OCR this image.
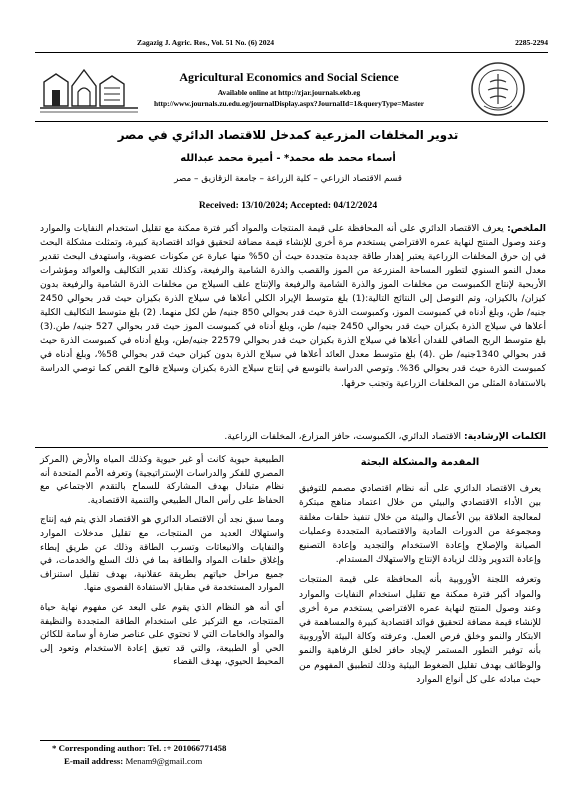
Zagazig J. Agric. Res., Vol. 51 No. (6) 2024	2285-2294
Agricultural Economics and Social Science
Available online at http://zjar.journals.ekb.eg
http://www.journals.zu.edu.eg/journalDisplay.aspx?JournalId=1&queryType=Master
تدوير المخلفات المزرعية كمدخل للاقتصاد الدائري في مصر
أسماء محمد طه محمد* - أميرة محمد عبدالله
قسم الاقتصاد الزراعي – كلية الزراعة – جامعة الزقازيق – مصر
Received: 13/10/2024; Accepted: 04/12/2024
الملخص: يعرف الاقتصاد الدائري على أنه المحافظة على قيمة المنتجات والمواد أكبر فترة ممكنة مع تقليل استخدام النفايات والموارد وعند وصول المنتج لنهاية عمره الافتراضي يستخدم مرة أخرى للإنشاء قيمة مضافة لتحقيق فوائد اقتصادية كبيرة، وتمثلت مشكلة البحث في إن حرق المخلفات الزراعية يعتبر إهدار طاقة جديدة متجددة حيث أن 50% منها عبارة عن مكونات عضوية، واستهدف البحث تقدير معدل النمو السنوي لتطور المساحة المنزرعة من الموز والقصب والذرة الشامية والرفيعة، وكذلك تقدير التكاليف والعوائد ومؤشرات الأربحية لإنتاج الكمبوست من مخلفات الموز والذرة الشامية والرفيعة والإنتاج علف السيلاج من مخلفات الذرة الشامية والرفيعة بدون كيزان/ بالكيزان، وتم التوصل إلى النتائج التالية:(1) بلغ متوسط الإيراد الكلي أعلاها في سيلاج الذرة بكيزان حيث قدر بحوالي 2450 جنيه/ طن، وبلغ أدناه في كمبوست الموز، وكمبوست الذرة حيث قدر بحوالي 850 جنيه/ طن لكل منهما. (2) بلغ متوسط التكاليف الكلية أعلاها في سيلاج الذرة بكيزان حيث قدر بحوالي 2450 جنيه/ طن، وبلغ أدناه في كمبوست الموز حيث قدر بحوالي 527 جنيه/ طن.(3) بلغ متوسط الربح الصافي للفدان أعلاها في سيلاج الذرة بكيزان حيث قدر بحوالي 22579 جنيه/طن، وبلغ أدناه في كمبوست الذرة حيث قدر بحوالي 1340جنيه/ طن .(4) بلغ متوسط معدل العائد أعلاها في سيلاج الذرة بدون كيزان حيث قدر بحوالي 58%، وبلغ أدناه في كمبوست الذرة حيث قدر بحوالي 36%. وتوصي الدراسة بالتوسع في إنتاج سيلاج الذرة بكيزان وسيلاج قالوح القص كما توصي الدراسة بالاستفادة المثلى من المخلفات الزراعية وتجنب حرقها.
الكلمات الإرشادية: الاقتصاد الدائري، الكمبوست، حافز المزارع، المخلفات الزراعية.
المقدمة والمشكلة البحثة

يعرف الاقتصاد الدائري على أنه نظام اقتصادي مصمم للتوفيق بين الأداء الاقتصادي والبيئي من خلال اعتماد مناهج مبتكرة لمعالجة العلاقة بين الأعمال والبيئة من خلال تنفيذ حلقات مغلقة ومجموعة من الدورات المادية والاقتصادية المتجددة وعمليات الصيانة والإصلاح وإعادة الاستخدام والتجديد وإعادة التصنيع وإعادة التدوير وذلك لزيادة الإنتاج والاستهلاك المستدام.

وتعرفه اللجنة الأوروبية بأنه المحافظة على قيمة المنتجات والمواد أكبر فترة ممكنة مع تقليل استخدام النفايات والموارد وعند وصول المنتج لنهاية عمره الافتراضي يستخدم مرة أخرى للإنشاء قيمة مضافة لتحقيق فوائد اقتصادية كبيرة والمساهمة في الابتكار والنمو وخلق فرص العمل. وعرفته وكالة البيئة الأوروبية بأنه توفير التطور المستمر لإيجاد حافز لخلق الرفاهية والنمو والوظائف بهدف تقليل الضغوط البيئية وذلك لتطبيق المفهوم من حيث مبادئه على كل أنواع الموارد

الطبيعية حيوية كانت أو غير حيوية وكذلك المياه والأرض (المركز المصري للفكر والدراسات الإستراتيجية) وتعرفه الأمم المتحدة أنه نظام متبادل بهدف المشاركة للسماح بالتقدم الاجتماعي مع الحفاظ على رأس المال الطبيعي والتنمية الاقتصادية.

ومما سبق نجد أن الاقتصاد الدائري هو الاقتصاد الذي يتم فيه إنتاج واستهلاك العديد من المنتجات، مع تقليل مدخلات الموارد والنفايات والانبعاثات وتسرب الطاقة وذلك عن طريق إبطاء وإغلاق حلقات المواد والطاقة بما في ذلك السلع والخدمات، في جميع مراحل حياتهم بطريقة عقلانية، بهدف تقليل استنزاف الموارد المستخدمة في مقابل الاستفادة القصوى منها.

أي أنه هو النظام الذي يقوم على البعد عن مفهوم نهاية حياة المنتجات، مع التركيز على استخدام الطاقة المتجددة والنظيفة والمواد والخامات التي لا تحتوي على عناصر ضارة أو سامة للكائن الحي أو الطبيعة، والتي قد تعيق إعادة الاستخدام وتعود إلى المحيط الحيوي، بهدف القضاء

* Corresponding author: Tel. :+ 201066771458
E-mail address: Menam9@gmail.com
